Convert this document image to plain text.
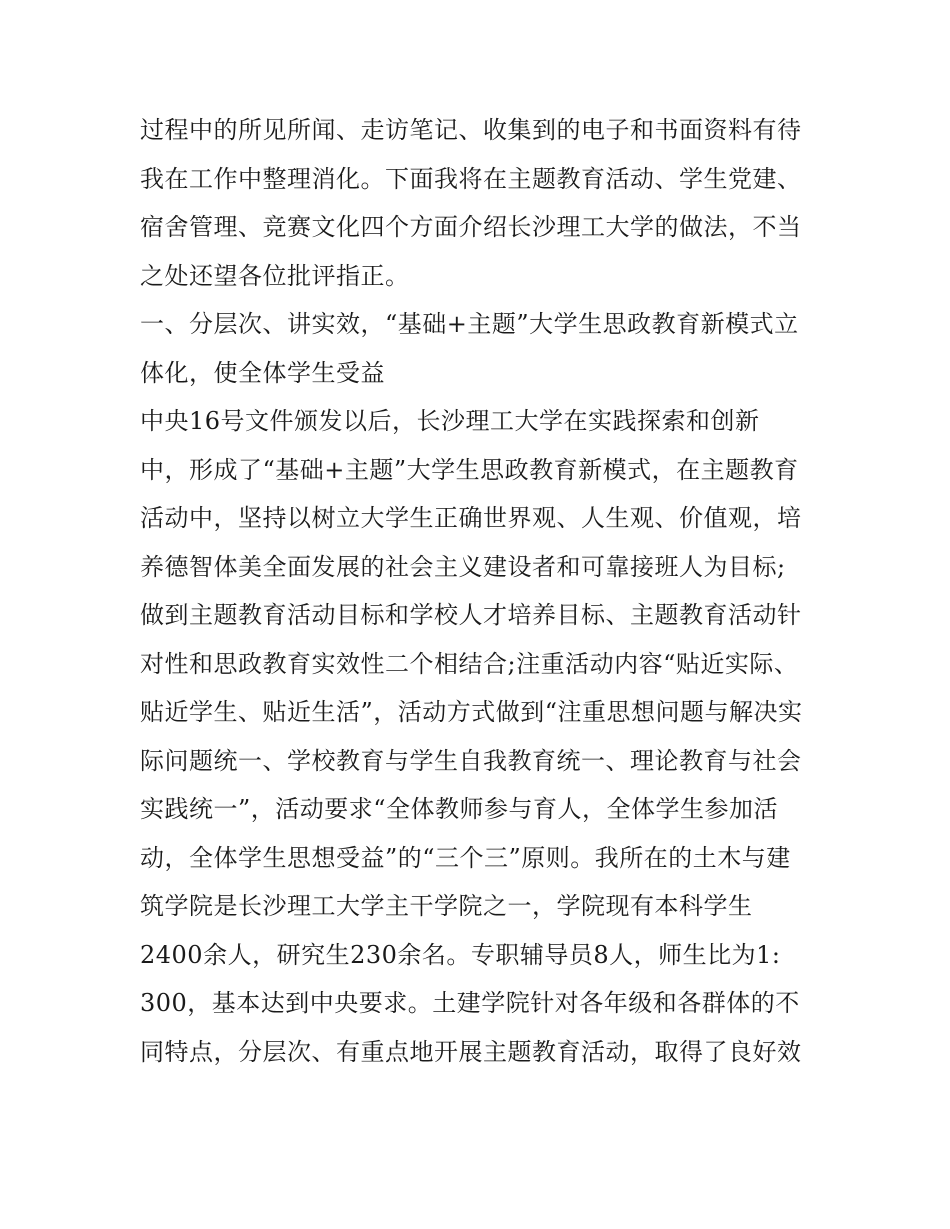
过程中的所见所闻、走访笔记、收集到的电子和书面资料有待
我在工作中整理消化。下面我将在主题教育活动、学生党建、
宿舍管理、竞赛文化四个方面介绍长沙理工大学的做法，不当
之处还望各位批评指正。
一、分层次、讲实效，“基础+主题”大学生思政教育新模式立
体化，使全体学生受益
中央16号文件颁发以后，长沙理工大学在实践探索和创新
中，形成了“基础+主题”大学生思政教育新模式，在主题教育
活动中，坚持以树立大学生正确世界观、人生观、价值观，培
养德智体美全面发展的社会主义建设者和可靠接班人为目标;
做到主题教育活动目标和学校人才培养目标、主题教育活动针
对性和思政教育实效性二个相结合;注重活动内容“贴近实际、
贴近学生、贴近生活”，活动方式做到“注重思想问题与解决实
际问题统一、学校教育与学生自我教育统一、理论教育与社会
实践统一”，活动要求“全体教师参与育人，全体学生参加活
动，全体学生思想受益”的“三个三”原则。我所在的土木与建
筑学院是长沙理工大学主干学院之一，学院现有本科学生
2400余人，研究生230余名。专职辅导员8人，师生比为1:
300，基本达到中央要求。土建学院针对各年级和各群体的不
同特点，分层次、有重点地开展主题教育活动，取得了良好效
